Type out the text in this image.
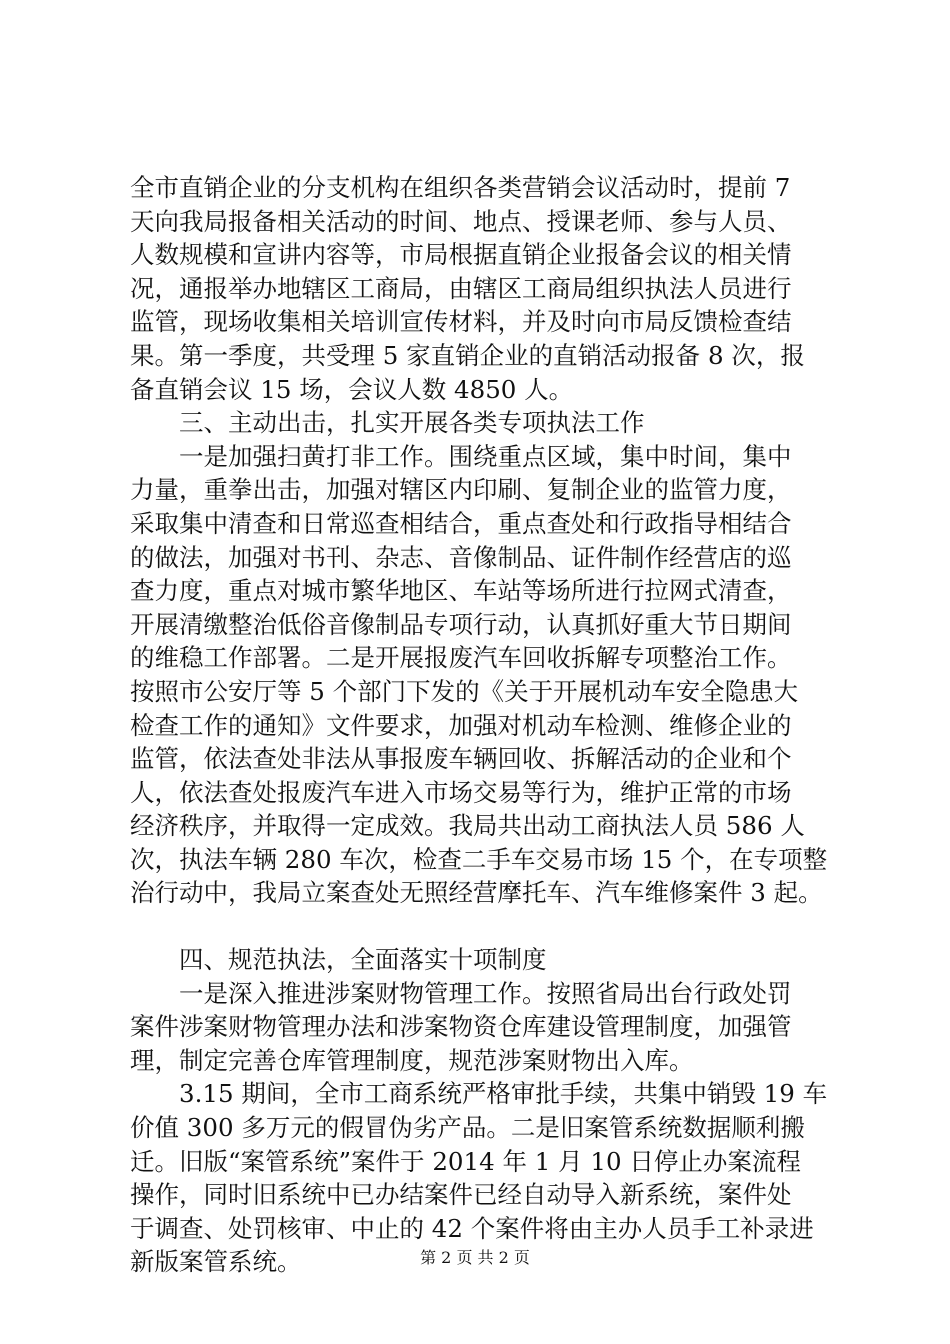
全市直销企业的分支机构在组织各类营销会议活动时，提前 7
天向我局报备相关活动的时间、地点、授课老师、参与人员、
人数规模和宣讲内容等，市局根据直销企业报备会议的相关情
况，通报举办地辖区工商局，由辖区工商局组织执法人员进行
监管，现场收集相关培训宣传材料，并及时向市局反馈检查结
果。第一季度，共受理 5 家直销企业的直销活动报备 8 次，报
备直销会议 15 场，会议人数 4850 人。
三、主动出击，扎实开展各类专项执法工作
一是加强扫黄打非工作。围绕重点区域，集中时间，集中
力量，重拳出击，加强对辖区内印刷、复制企业的监管力度，
采取集中清查和日常巡查相结合，重点查处和行政指导相结合
的做法，加强对书刊、杂志、音像制品、证件制作经营店的巡
查力度，重点对城市繁华地区、车站等场所进行拉网式清查，
开展清缴整治低俗音像制品专项行动，认真抓好重大节日期间
的维稳工作部署。二是开展报废汽车回收拆解专项整治工作。
按照市公安厅等 5 个部门下发的《关于开展机动车安全隐患大
检查工作的通知》文件要求，加强对机动车检测、维修企业的
监管，依法查处非法从事报废车辆回收、拆解活动的企业和个
人，依法查处报废汽车进入市场交易等行为，维护正常的市场
经济秩序，并取得一定成效。我局共出动工商执法人员 586 人
次，执法车辆 280 车次，检查二手车交易市场 15 个，在专项整
治行动中，我局立案查处无照经营摩托车、汽车维修案件 3 起。
四、规范执法，全面落实十项制度
一是深入推进涉案财物管理工作。按照省局出台行政处罚
案件涉案财物管理办法和涉案物资仓库建设管理制度，加强管
理，制定完善仓库管理制度，规范涉案财物出入库。
3.15 期间，全市工商系统严格审批手续，共集中销毁 19 车
价值 300 多万元的假冒伪劣产品。二是旧案管系统数据顺利搬
迁。旧版“案管系统”案件于 2014 年 1 月 10 日停止办案流程
操作，同时旧系统中已办结案件已经自动导入新系统，案件处
于调查、处罚核审、中止的 42 个案件将由主办人员手工补录进
新版案管系统。	第 2 页 共 2 页
